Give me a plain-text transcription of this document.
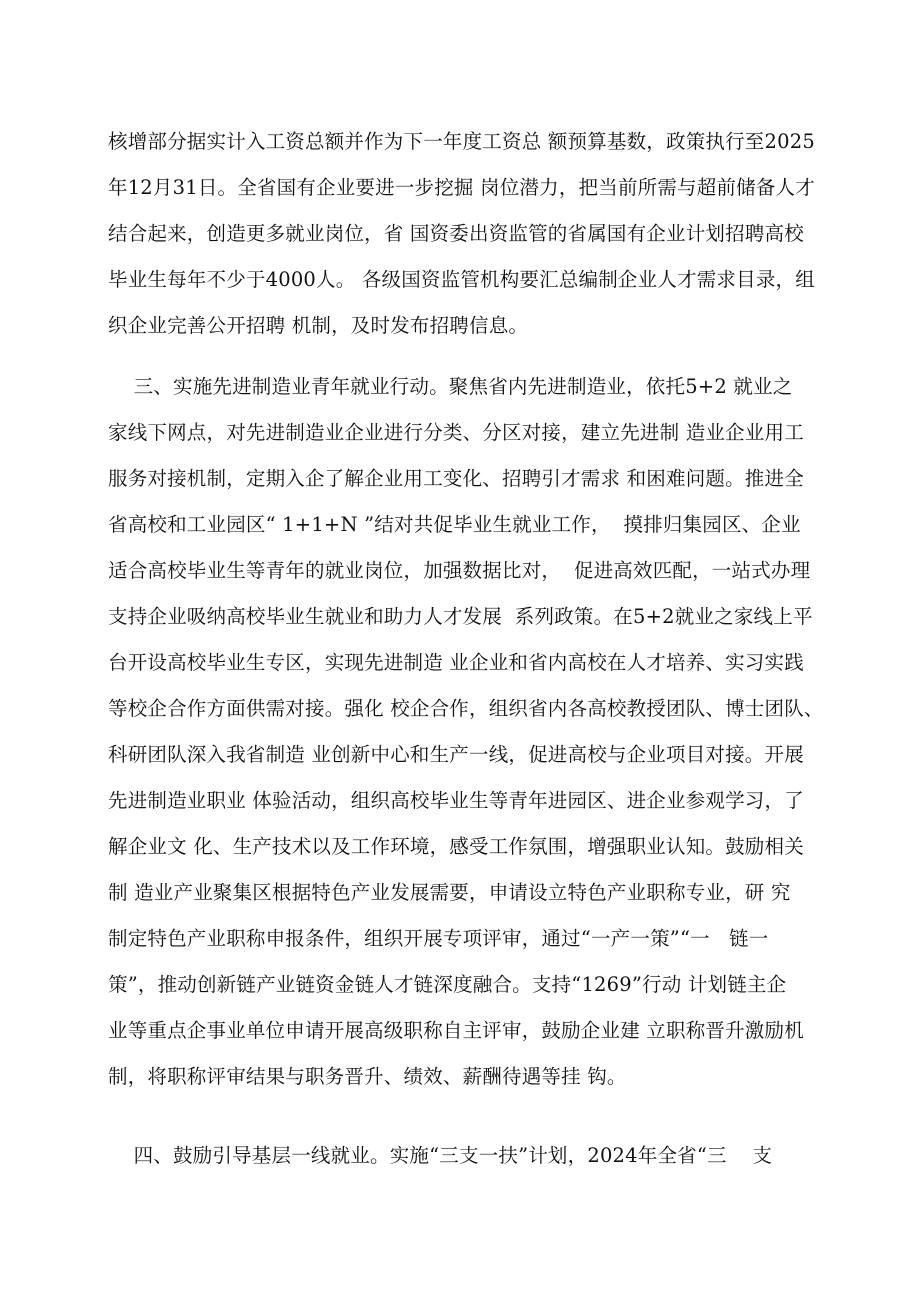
核增部分据实计入工资总额并作为下一年度工资总 额预算基数，政策执行至2025
年12月31日。全省国有企业要进一步挖掘 岗位潜力，把当前所需与超前储备人才
结合起来，创造更多就业岗位，省 国资委出资监管的省属国有企业计划招聘高校
毕业生每年不少于4000人。 各级国资监管机构要汇总编制企业人才需求目录，组
织企业完善公开招聘 机制，及时发布招聘信息。
三、实施先进制造业青年就业行动。聚焦省内先进制造业，依托5+2 就业之
家线下网点，对先进制造业企业进行分类、分区对接，建立先进制 造业企业用工
服务对接机制，定期入企了解企业用工变化、招聘引才需求 和困难问题。推进全
省高校和工业园区“ 1+1+N ”结对共促毕业生就业工作，  摸排归集园区、企业
适合高校毕业生等青年的就业岗位，加强数据比对，  促进高效匹配，一站式办理
支持企业吸纳高校毕业生就业和助力人才发展  系列政策。在5+2就业之家线上平
台开设高校毕业生专区，实现先进制造 业企业和省内高校在人才培养、实习实践
等校企合作方面供需对接。强化 校企合作，组织省内各高校教授团队、博士团队、
科研团队深入我省制造 业创新中心和生产一线，促进高校与企业项目对接。开展
先进制造业职业 体验活动，组织高校毕业生等青年进园区、进企业参观学习，了
解企业文 化、生产技术以及工作环境，感受工作氛围，增强职业认知。鼓励相关
制 造业产业聚集区根据特色产业发展需要，申请设立特色产业职称专业，研 究
制定特色产业职称申报条件，组织开展专项评审，通过“一产一策”“一   链一
策”，推动创新链产业链资金链人才链深度融合。支持“1269”行动 计划链主企
业等重点企事业单位申请开展高级职称自主评审，鼓励企业建 立职称晋升激励机
制，将职称评审结果与职务晋升、绩效、薪酬待遇等挂 钩。
四、鼓励引导基层一线就业。实施“三支一扶”计划，2024年全省“三    支
